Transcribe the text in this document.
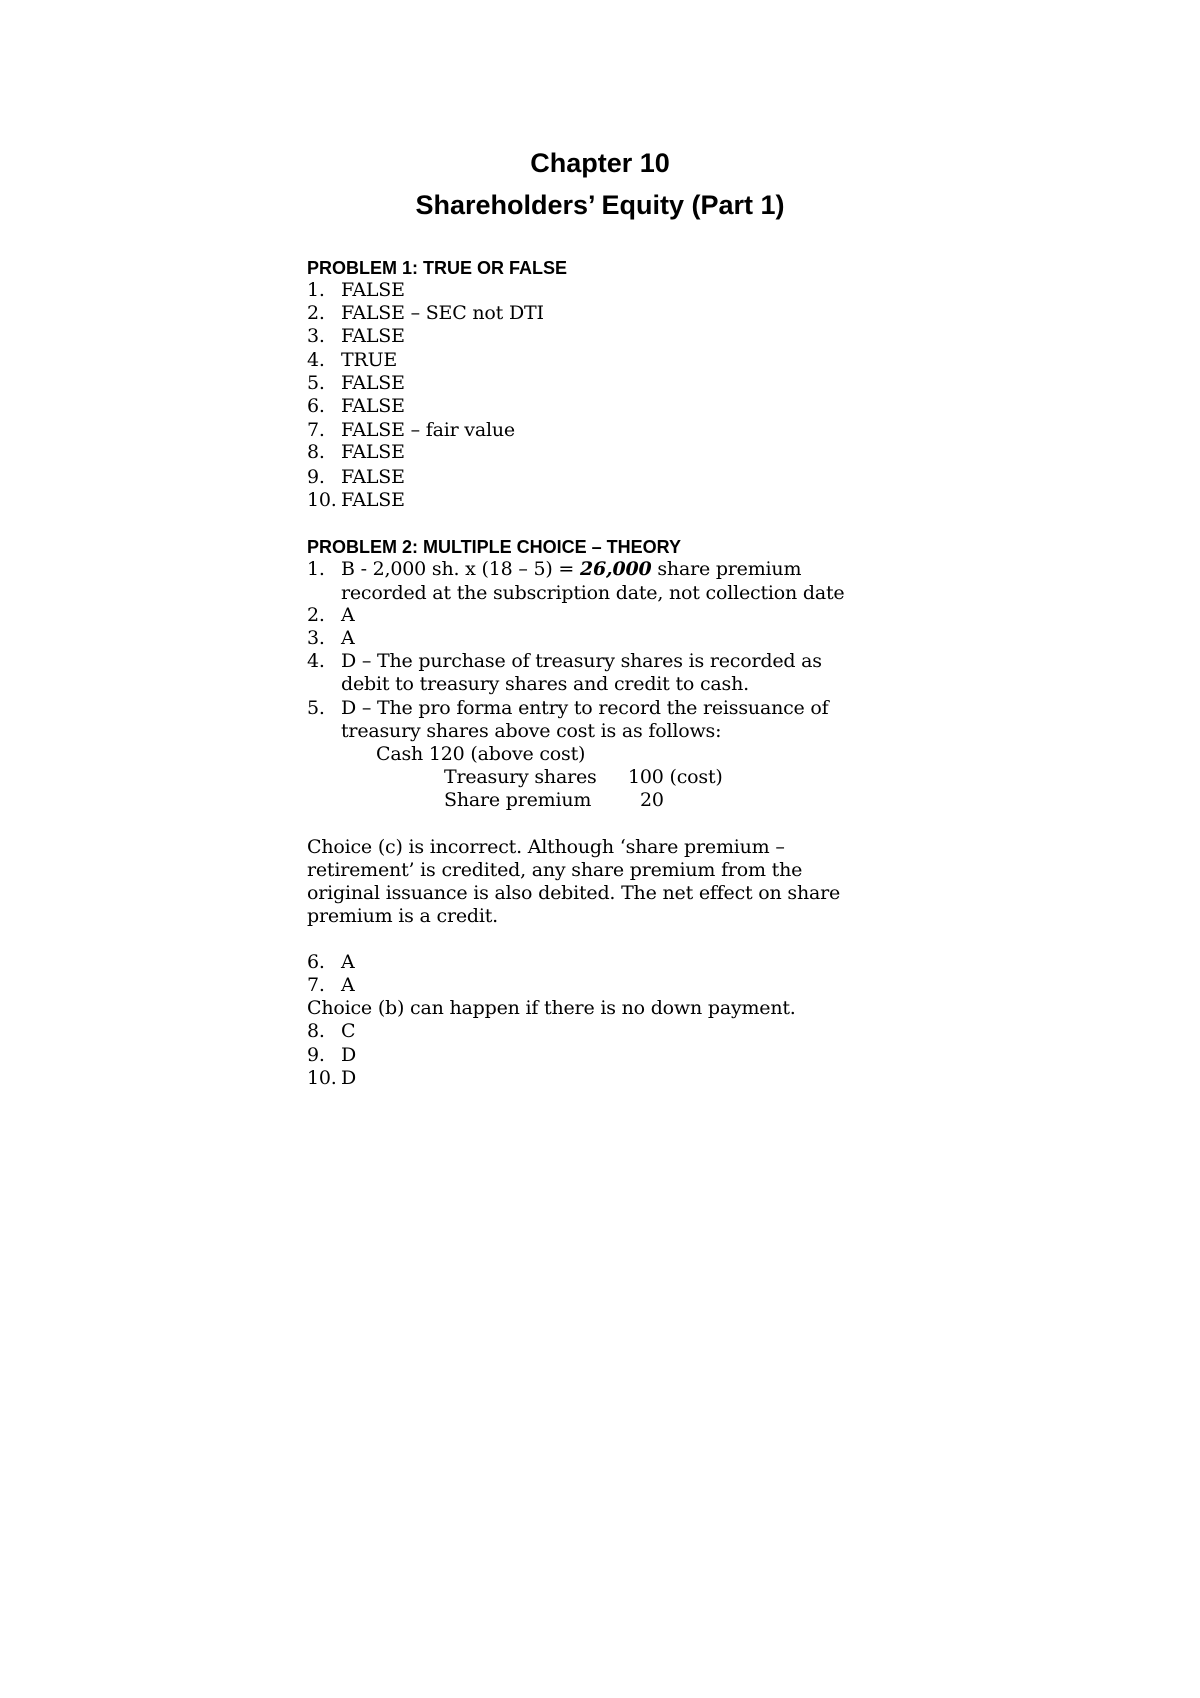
Chapter 10
Shareholders’ Equity (Part 1)
PROBLEM 1: TRUE OR FALSE

1. FALSE

2. FALSE – SEC not DTI

3. FALSE

4. TRUE

5. FALSE

6. FALSE

7. FALSE – fair value

8. FALSE

9. FALSE

10. FALSE

PROBLEM 2: MULTIPLE CHOICE – THEORY

1. B - 2,000 sh. x (18 – 5) = 26,000 share premium

recorded at the subscription date, not collection date

2. A

3. A

4. D – The purchase of treasury shares is recorded as

debit to treasury shares and credit to cash.

5. D – The pro forma entry to record the reissuance of

treasury shares above cost is as follows:

Cash 120 (above cost)

Treasury shares 100 (cost)

Share premium	20

Choice (c) is incorrect. Although ‘share premium –

retirement’ is credited, any share premium from the

original issuance is also debited. The net effect on share

premium is a credit.

6. A

7. A

Choice (b) can happen if there is no down payment.

8. C

9. D

10. D
